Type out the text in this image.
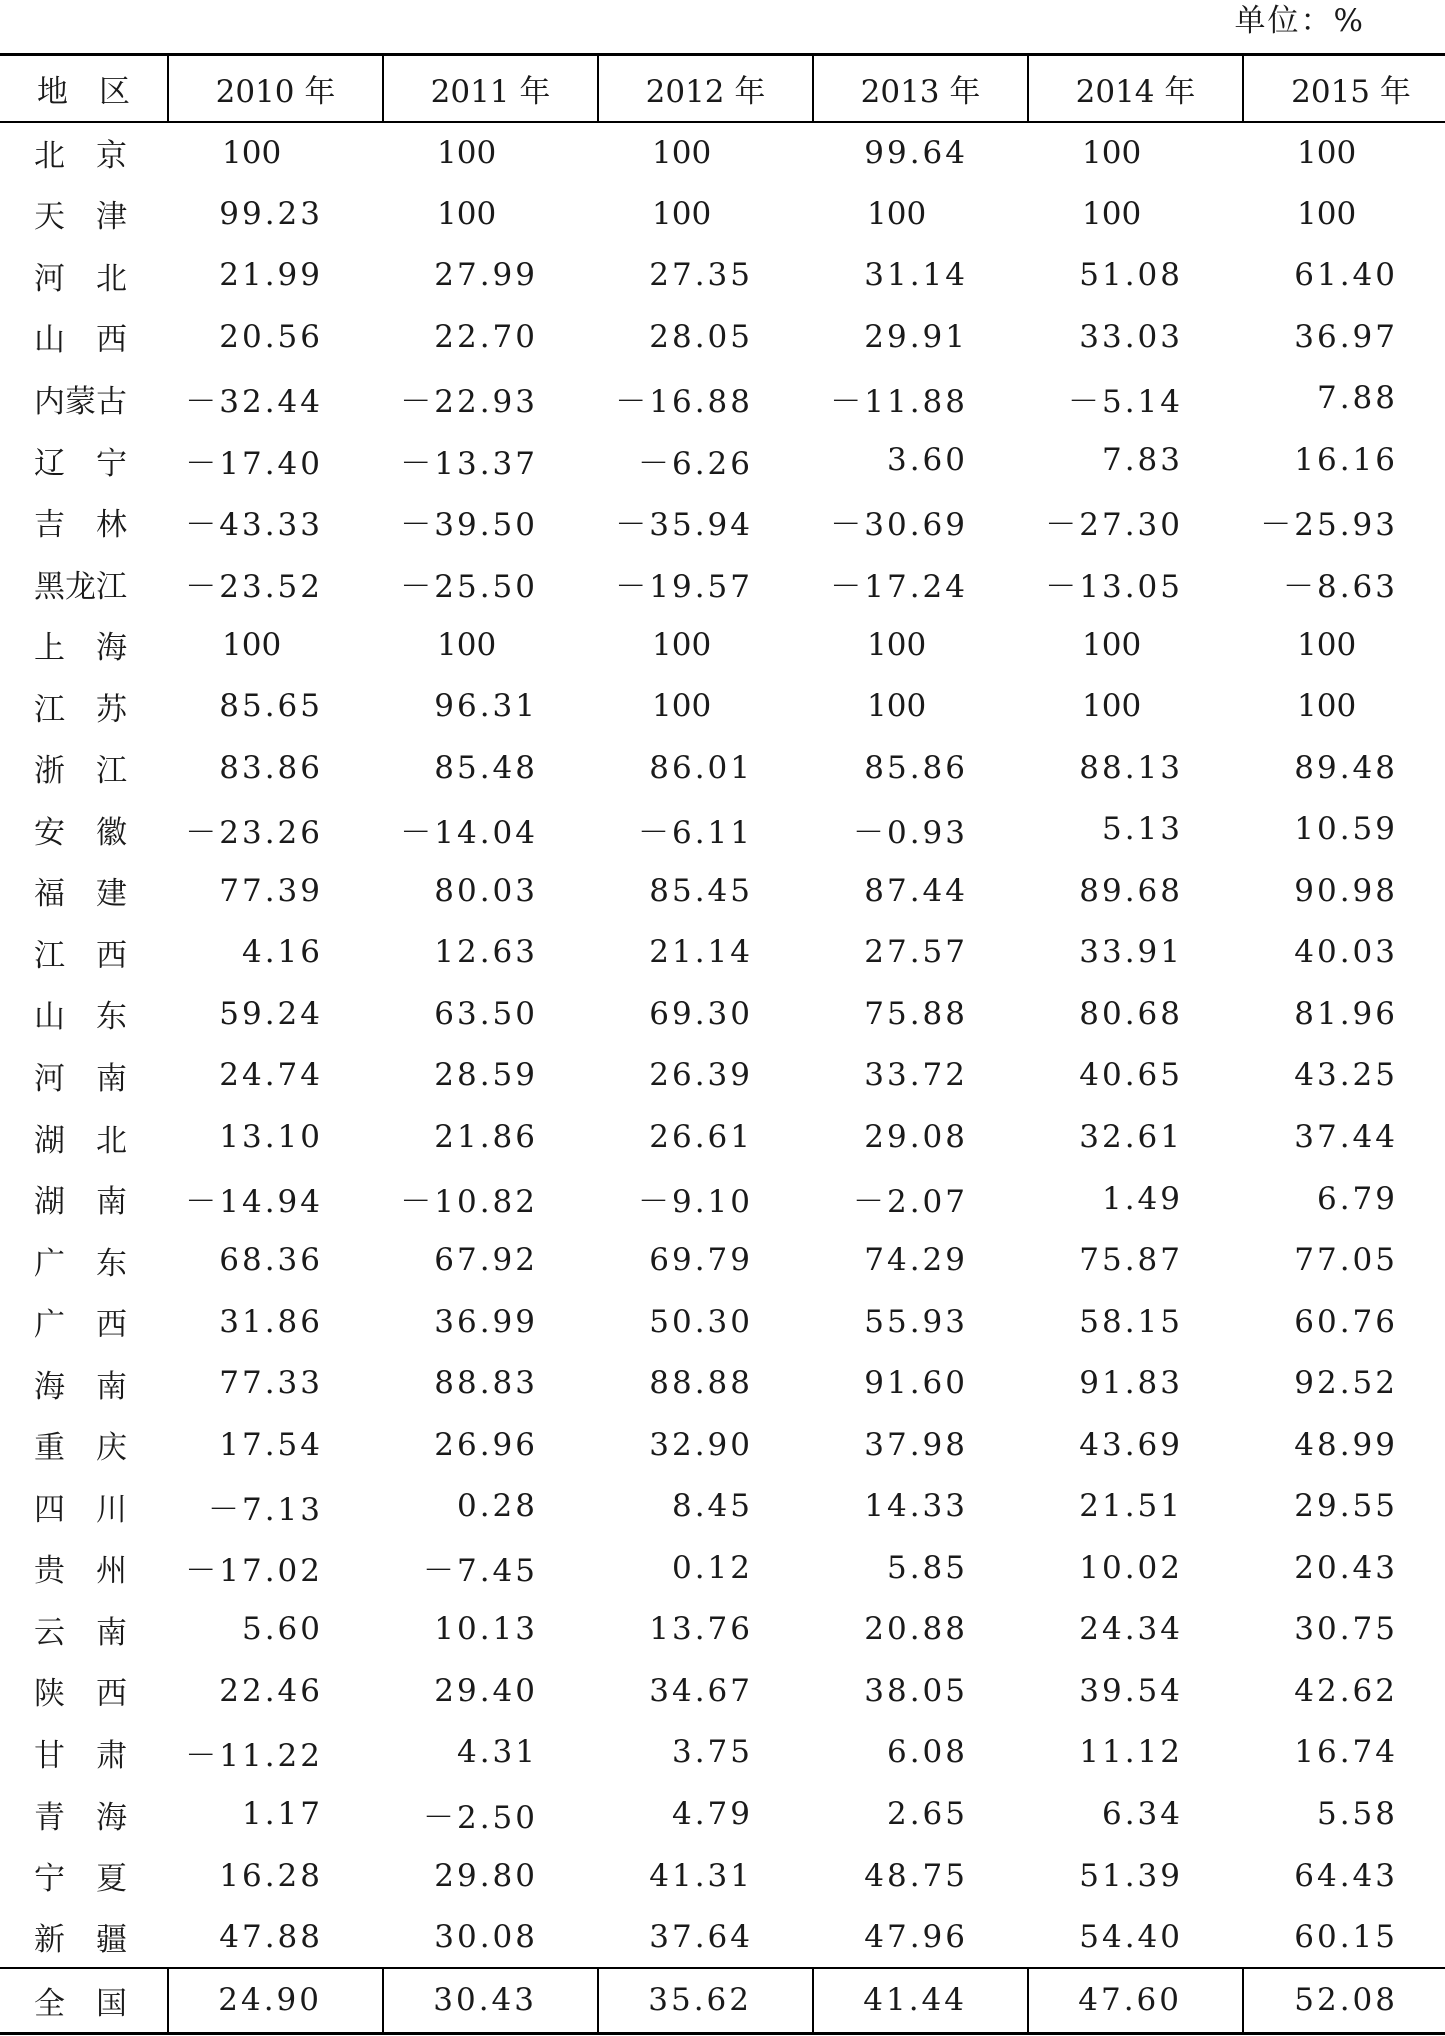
单位：%
地　区	2010 年	2011 年	2012 年	2013 年	2014 年	2015 年
北　京	100	100	100	99.64	100	100
天　津	99.23	100	100	100	100	100
河　北	21.99	27.99	27.35	31.14	51.08	61.40
山　西	20.56	22.70	28.05	29.91	33.03	36.97
内蒙古	－32.44	－22.93	－16.88	－11.88	－5.14	7.88
辽　宁	－17.40	－13.37	－6.26	3.60	7.83	16.16
吉　林	－43.33	－39.50	－35.94	－30.69	－27.30	－25.93
黑龙江	－23.52	－25.50	－19.57	－17.24	－13.05	－8.63
上　海	100	100	100	100	100	100
江　苏	85.65	96.31	100	100	100	100
浙　江	83.86	85.48	86.01	85.86	88.13	89.48
安　徽	－23.26	－14.04	－6.11	－0.93	5.13	10.59
福　建	77.39	80.03	85.45	87.44	89.68	90.98
江　西	4.16	12.63	21.14	27.57	33.91	40.03
山　东	59.24	63.50	69.30	75.88	80.68	81.96
河　南	24.74	28.59	26.39	33.72	40.65	43.25
湖　北	13.10	21.86	26.61	29.08	32.61	37.44
湖　南	－14.94	－10.82	－9.10	－2.07	1.49	6.79
广　东	68.36	67.92	69.79	74.29	75.87	77.05
广　西	31.86	36.99	50.30	55.93	58.15	60.76
海　南	77.33	88.83	88.88	91.60	91.83	92.52
重　庆	17.54	26.96	32.90	37.98	43.69	48.99
四　川	－7.13	0.28	8.45	14.33	21.51	29.55
贵　州	－17.02	－7.45	0.12	5.85	10.02	20.43
云　南	5.60	10.13	13.76	20.88	24.34	30.75
陕　西	22.46	29.40	34.67	38.05	39.54	42.62
甘　肃	－11.22	4.31	3.75	6.08	11.12	16.74
青　海	1.17	－2.50	4.79	2.65	6.34	5.58
宁　夏	16.28	29.80	41.31	48.75	51.39	64.43
新　疆	47.88	30.08	37.64	47.96	54.40	60.15
全　国	24.90	30.43	35.62	41.44	47.60	52.08
